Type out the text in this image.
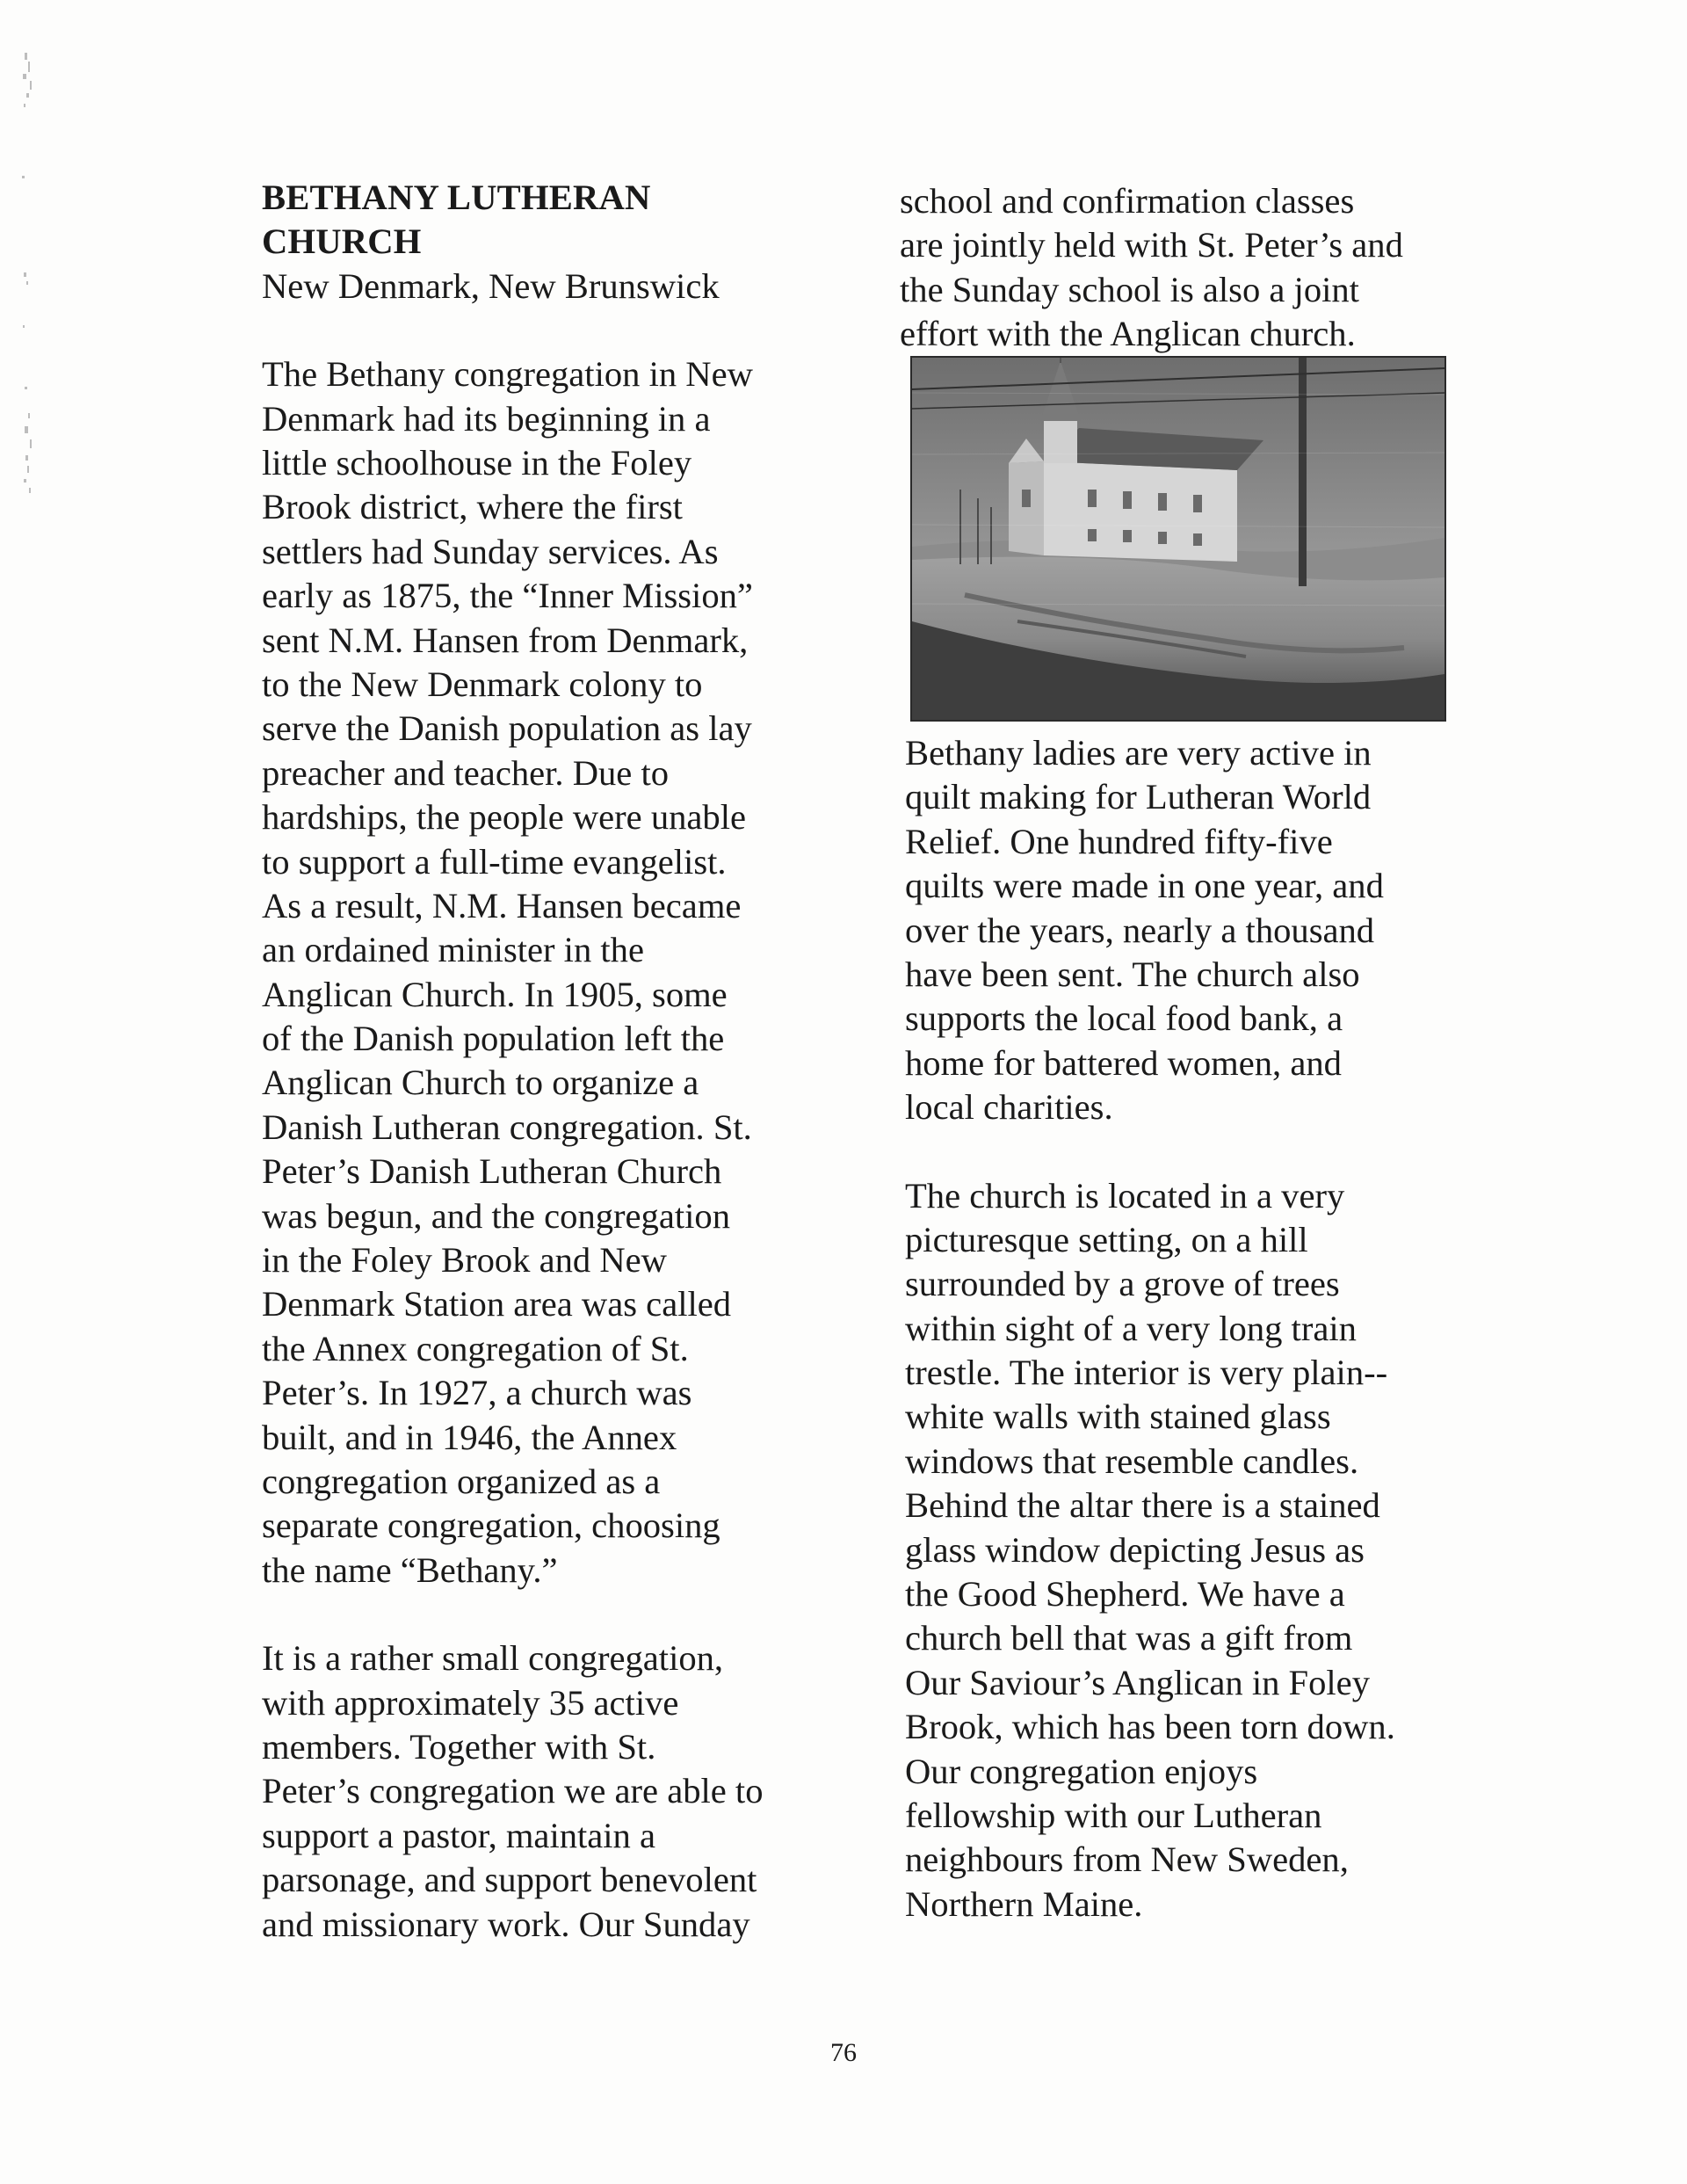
BETHANY LUTHERAN
CHURCH
New Denmark, New Brunswick
The Bethany congregation in New
Denmark had its beginning in a
little schoolhouse in the Foley
Brook district, where the first
settlers had Sunday services. As
early as 1875, the “Inner Mission”
sent N.M. Hansen from Denmark,
to the New Denmark colony to
serve the Danish population as lay
preacher and teacher. Due to
hardships, the people were unable
to support a full-time evangelist.
As a result, N.M. Hansen became
an ordained minister in the
Anglican Church. In 1905, some
of the Danish population left the
Anglican Church to organize a
Danish Lutheran congregation. St.
Peter’s Danish Lutheran Church
was begun, and the congregation
in the Foley Brook and New
Denmark Station area was called
the Annex congregation of St.
Peter’s. In 1927, a church was
built, and in 1946, the Annex
congregation organized as a
separate congregation, choosing
the name “Bethany.”
It is a rather small congregation,
with approximately 35 active
members. Together with St.
Peter’s congregation we are able to
support a pastor, maintain a
parsonage, and support benevolent
and missionary work. Our Sunday
school and confirmation classes
are jointly held with St. Peter’s and
the Sunday school is also a joint
effort with the Anglican church.
Bethany ladies are very active in
quilt making for Lutheran World
Relief. One hundred fifty-five
quilts were made in one year, and
over the years, nearly a thousand
have been sent. The church also
supports the local food bank, a
home for battered women, and
local charities.
The church is located in a very
picturesque setting, on a hill
surrounded by a grove of trees
within sight of a very long train
trestle. The interior is very plain--
white walls with stained glass
windows that resemble candles.
Behind the altar there is a stained
glass window depicting Jesus as
the Good Shepherd. We have a
church bell that was a gift from
Our Saviour’s Anglican in Foley
Brook, which has been torn down.
Our congregation enjoys
fellowship with our Lutheran
neighbours from New Sweden,
Northern Maine.
76
